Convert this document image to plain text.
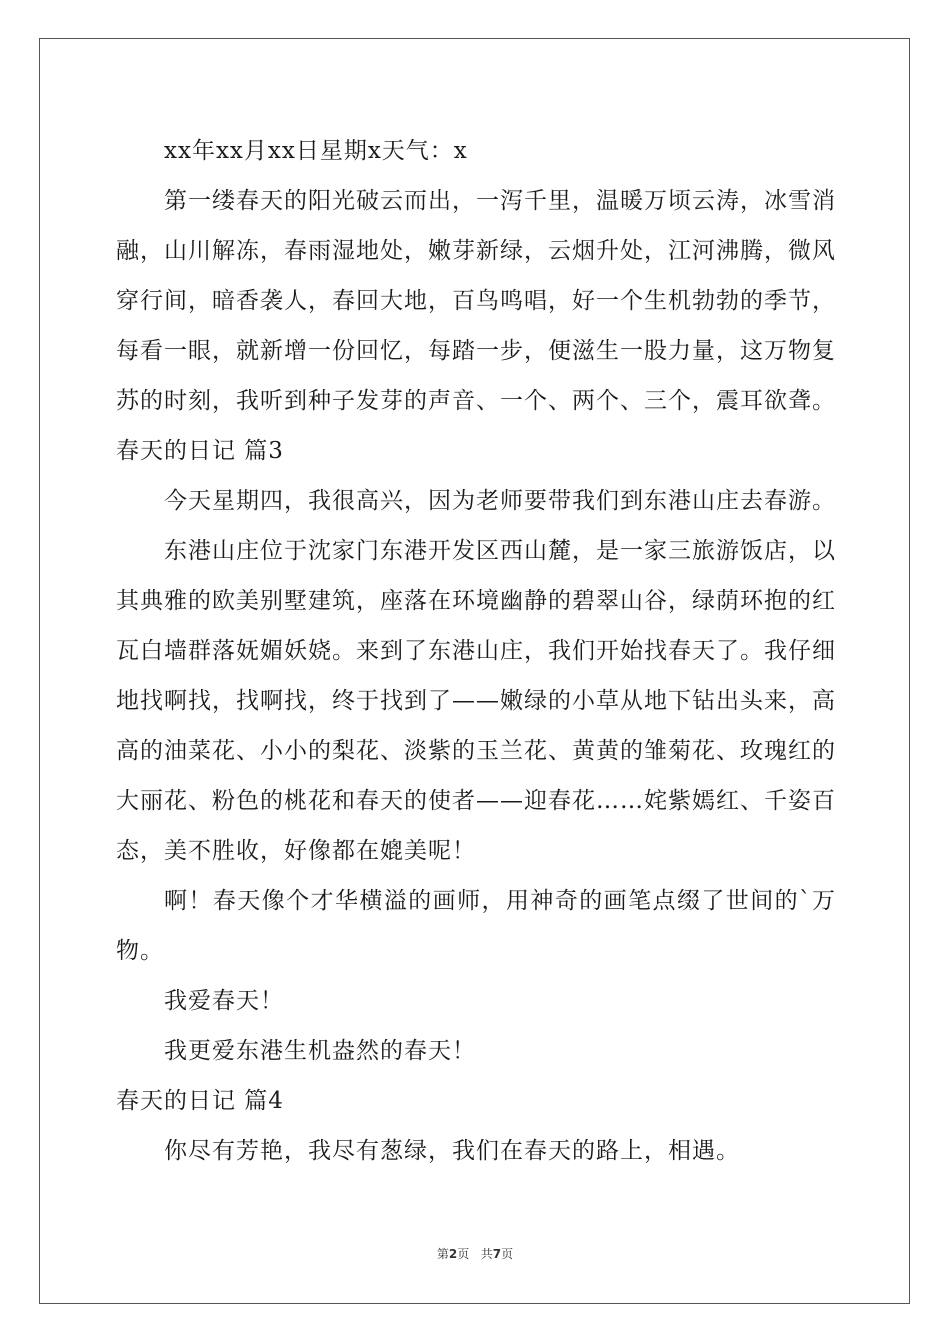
xx年xx月xx日星期x天气：x

第一缕春天的阳光破云而出，一泻千里，温暖万顷云涛，冰雪消融，山川解冻，春雨湿地处，嫩芽新绿，云烟升处，江河沸腾，微风穿行间，暗香袭人，春回大地，百鸟鸣唱，好一个生机勃勃的季节，每看一眼，就新增一份回忆，每踏一步，便滋生一股力量，这万物复苏的时刻，我听到种子发芽的声音、一个、两个、三个，震耳欲聋。

春天的日记 篇3

今天星期四，我很高兴，因为老师要带我们到东港山庄去春游。

东港山庄位于沈家门东港开发区西山麓，是一家三旅游饭店，以其典雅的欧美别墅建筑，座落在环境幽静的碧翠山谷，绿荫环抱的红瓦白墙群落妩媚妖娆。来到了东港山庄，我们开始找春天了。我仔细地找啊找，找啊找，终于找到了——嫩绿的小草从地下钻出头来，高高的油菜花、小小的梨花、淡紫的玉兰花、黄黄的雏菊花、玫瑰红的大丽花、粉色的桃花和春天的使者——迎春花……姹紫嫣红、千姿百态，美不胜收，好像都在媲美呢！

啊！春天像个才华横溢的画师，用神奇的画笔点缀了世间的`万物。

我爱春天！

我更爱东港生机盎然的春天！

春天的日记 篇4

你尽有芳艳，我尽有葱绿，我们在春天的路上，相遇。

第2页   共7页
